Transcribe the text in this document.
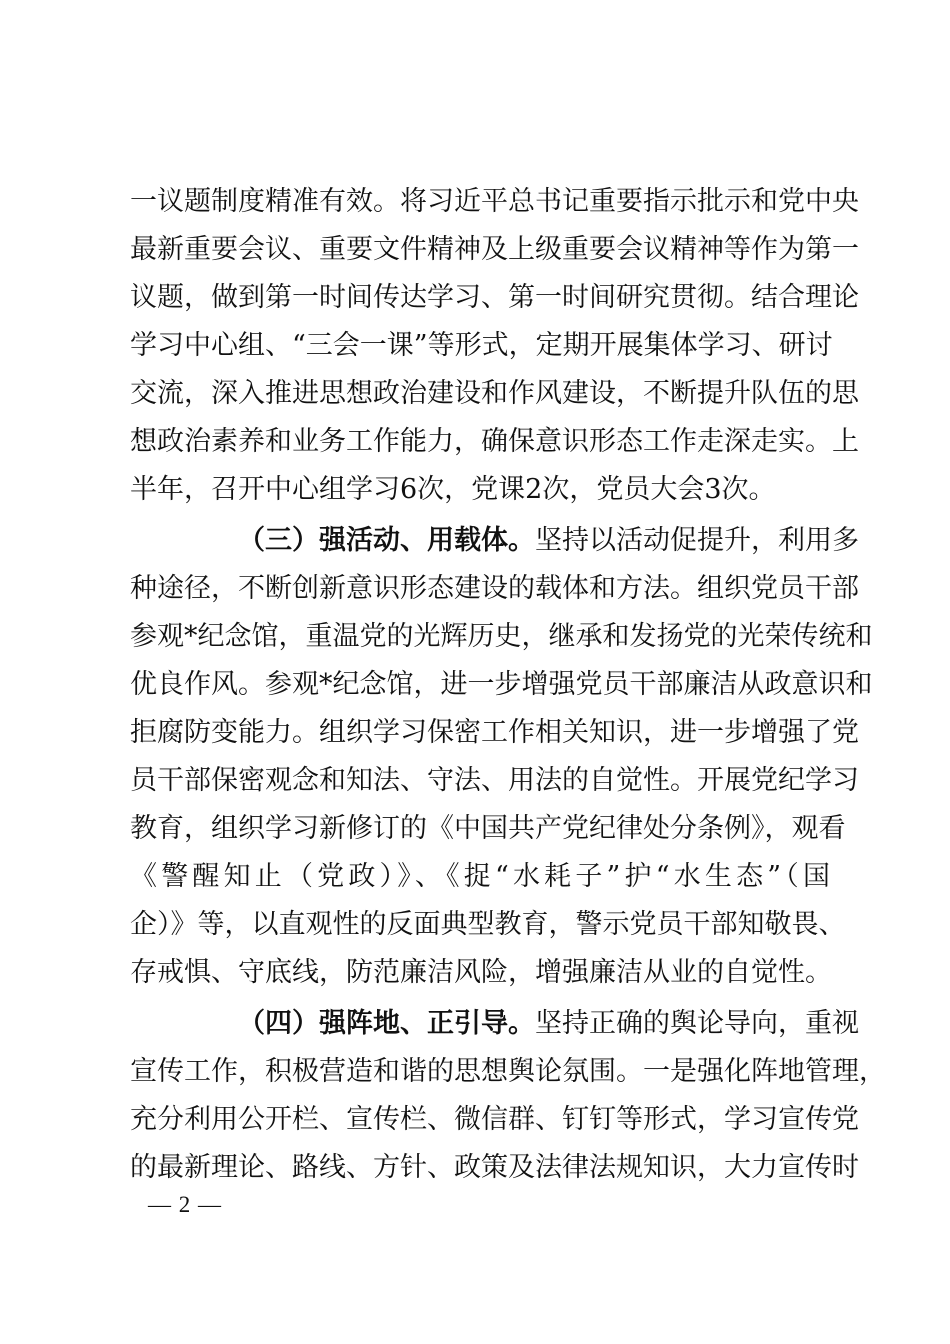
一议题制度精准有效。将习近平总书记重要指示批示和党中央
最新重要会议、重要文件精神及上级重要会议精神等作为第一
议题，做到第一时间传达学习、第一时间研究贯彻。结合理论
学习中心组、“三会一课”等形式，定期开展集体学习、研讨
交流，深入推进思想政治建设和作风建设，不断提升队伍的思
想政治素养和业务工作能力，确保意识形态工作走深走实。上
半年，召开中心组学习6次，党课2次，党员大会3次。
（三）强活动、用载体。坚持以活动促提升，利用多
种途径，不断创新意识形态建设的载体和方法。组织党员干部
参观*纪念馆，重温党的光辉历史，继承和发扬党的光荣传统和
优良作风。参观*纪念馆，进一步增强党员干部廉洁从政意识和
拒腐防变能力。组织学习保密工作相关知识，进一步增强了党
员干部保密观念和知法、守法、用法的自觉性。开展党纪学习
教育，组织学习新修订的《中国共产党纪律处分条例》，观看
《警醒知止（党政）》、《捉“水耗子”护“水生态”（国
企）》等，以直观性的反面典型教育，警示党员干部知敬畏、
存戒惧、守底线，防范廉洁风险，增强廉洁从业的自觉性。
（四）强阵地、正引导。坚持正确的舆论导向，重视
宣传工作，积极营造和谐的思想舆论氛围。一是强化阵地管理，
充分利用公开栏、宣传栏、微信群、钉钉等形式，学习宣传党
的最新理论、路线、方针、政策及法律法规知识，大力宣传时
— 2 —
